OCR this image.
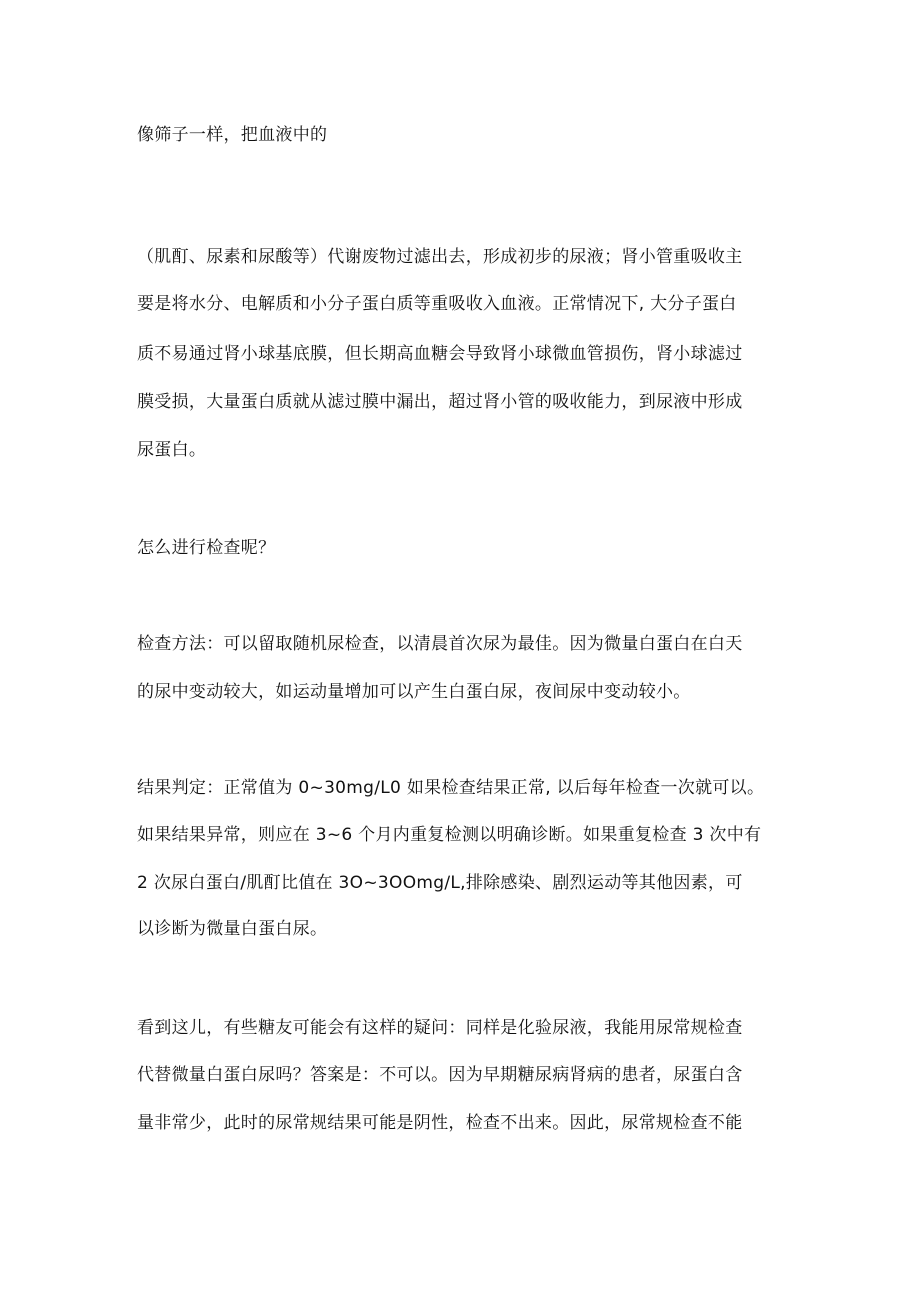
像筛子一样，把血液中的
（肌酊、尿素和尿酸等）代谢废物过滤出去，形成初步的尿液；肾小管重吸收主
要是将水分、电解质和小分子蛋白质等重吸收入血液。正常情况下, 大分子蛋白
质不易通过肾小球基底膜，但长期高血糖会导致肾小球微血管损伤，肾小球滤过
膜受损，大量蛋白质就从滤过膜中漏出，超过肾小管的吸收能力，到尿液中形成
尿蛋白。
怎么进行检查呢？
检查方法：可以留取随机尿检查，以清晨首次尿为最佳。因为微量白蛋白在白天
的尿中变动较大，如运动量增加可以产生白蛋白尿，夜间尿中变动较小。
结果判定：正常值为 0~30mg∕L0 如果检查结果正常, 以后每年检查一次就可以。
如果结果异常，则应在 3~6 个月内重复检测以明确诊断。如果重复检查 3 次中有
2 次尿白蛋白∕肌酊比值在 3O~3OOmg∕L,排除感染、剧烈运动等其他因素，可
以诊断为微量白蛋白尿。
看到这儿，有些糖友可能会有这样的疑问：同样是化验尿液，我能用尿常规检查
代替微量白蛋白尿吗？答案是：不可以。因为早期糖尿病肾病的患者，尿蛋白含
量非常少，此时的尿常规结果可能是阴性，检查不出来。因此，尿常规检查不能
